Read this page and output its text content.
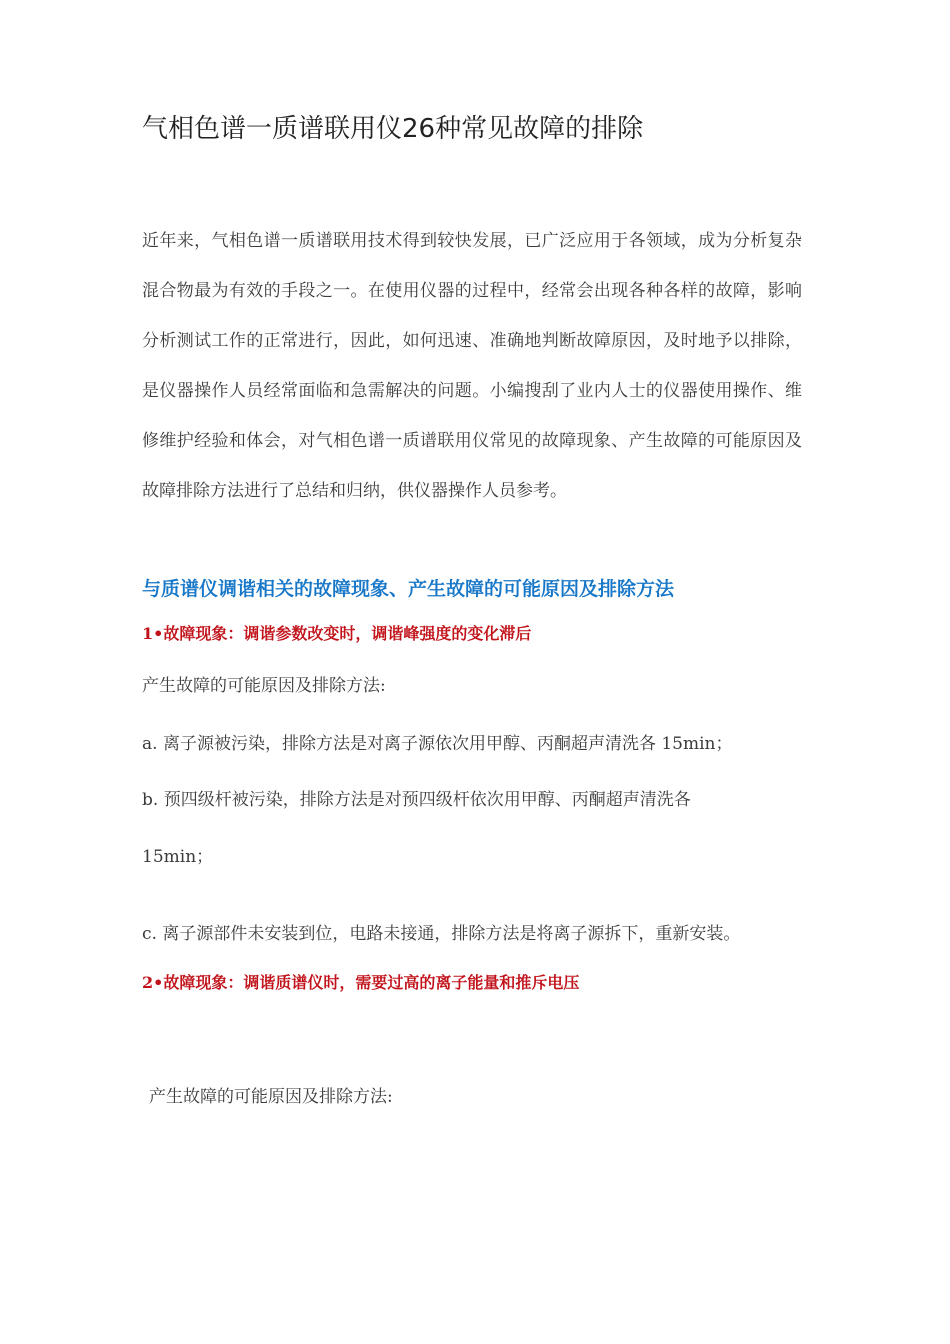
气相色谱一质谱联用仪26种常见故障的排除

近年来，气相色谱一质谱联用技术得到较快发展，已广泛应用于各领域，成为分析复杂混合物最为有效的手段之一。在使用仪器的过程中，经常会出现各种各样的故障，影响分析测试工作的正常进行，因此，如何迅速、准确地判断故障原因，及时地予以排除，是仪器操作人员经常面临和急需解决的问题。小编搜刮了业内人士的仪器使用操作、维修维护经验和体会，对气相色谱一质谱联用仪常见的故障现象、产生故障的可能原因及故障排除方法进行了总结和归纳，供仪器操作人员参考。

与质谱仪调谐相关的故障现象、产生故障的可能原因及排除方法

1•故障现象：调谐参数改变时，调谐峰强度的变化滞后

产生故障的可能原因及排除方法:

a. 离子源被污染，排除方法是对离子源依次用甲醇、丙酮超声清洗各 15min；

b. 预四级杆被污染，排除方法是对预四级杆依次用甲醇、丙酮超声清洗各

15min；

c. 离子源部件未安装到位，电路未接通，排除方法是将离子源拆下，重新安装。

2•故障现象：调谐质谱仪时，需要过高的离子能量和推斥电压

产生故障的可能原因及排除方法:
